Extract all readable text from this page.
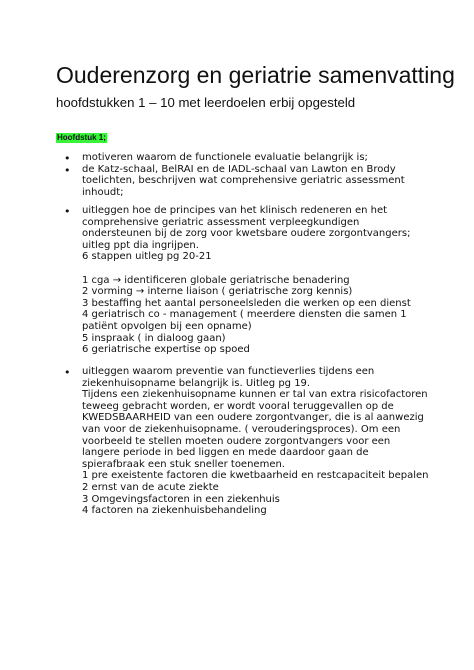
Ouderenzorg en geriatrie samenvatting
hoofdstukken 1 – 10 met leerdoelen erbij opgesteld
Hoofdstuk 1;
• motiveren waarom de functionele evaluatie belangrijk is;
• de Katz-schaal, BelRAI en de IADL-schaal van Lawton en Brody
toelichten, beschrijven wat comprehensive geriatric assessment
inhoudt;
• uitleggen hoe de principes van het klinisch redeneren en het
comprehensive geriatric assessment verpleegkundigen
ondersteunen bij de zorg voor kwetsbare oudere zorgontvangers;
uitleg ppt dia ingrijpen.
6 stappen uitleg pg 20-21

1 cga → identificeren globale geriatrische benadering
2 vorming → interne liaison ( geriatrische zorg kennis)
3 bestaffing het aantal personeelsleden die werken op een dienst
4 geriatrisch co - management ( meerdere diensten die samen 1
patiënt opvolgen bij een opname)
5 inspraak ( in dialoog gaan)
6 geriatrische expertise op spoed
• uitleggen waarom preventie van functieverlies tijdens een
ziekenhuisopname belangrijk is. Uitleg pg 19.
Tijdens een ziekenhuisopname kunnen er tal van extra risicofactoren
teweeg gebracht worden, er wordt vooral teruggevallen op de
KWEDSBAARHEID van een oudere zorgontvanger, die is al aanwezig
van voor de ziekenhuisopname. ( verouderingsproces). Om een
voorbeeld te stellen moeten oudere zorgontvangers voor een
langere periode in bed liggen en mede daardoor gaan de
spierafbraak een stuk sneller toenemen.
1 pre exeistente factoren die kwetbaarheid en restcapaciteit bepalen
2 ernst van de acute ziekte
3 Omgevingsfactoren in een ziekenhuis
4 factoren na ziekenhuisbehandeling
